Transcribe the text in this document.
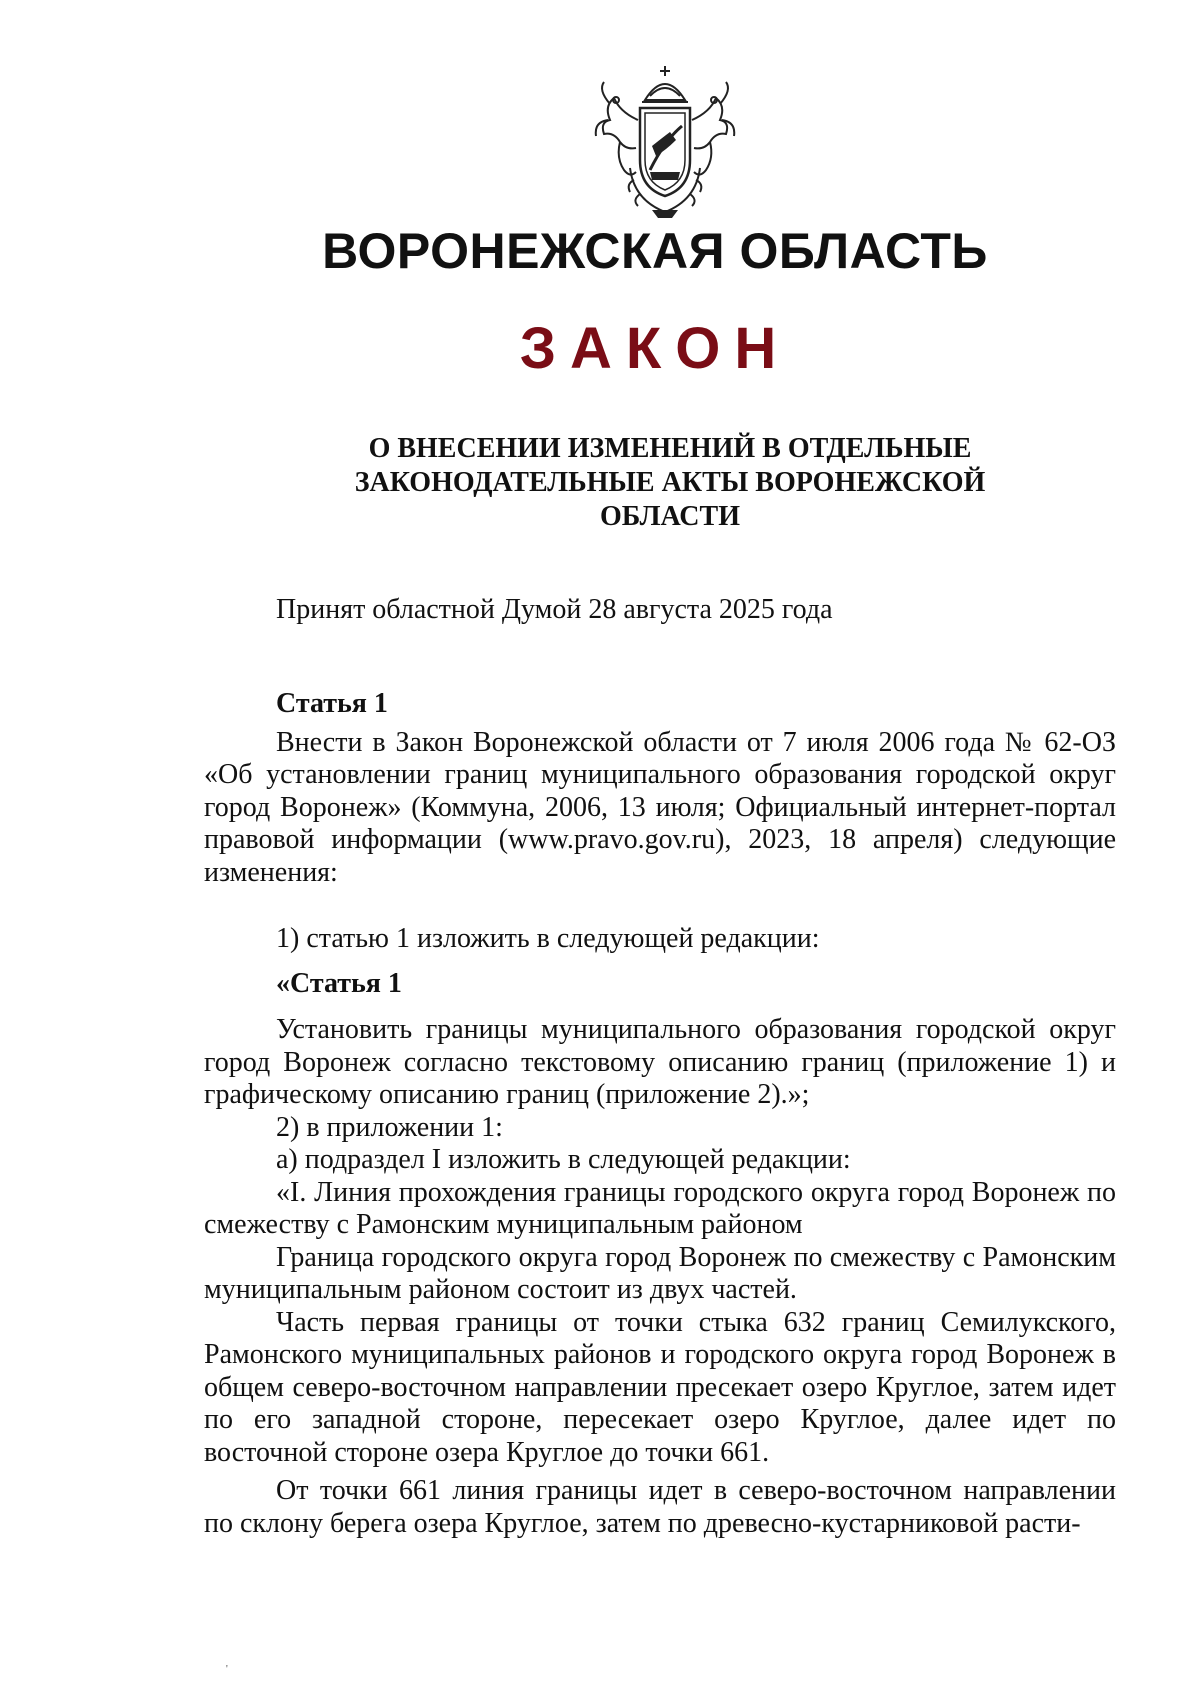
ВОРОНЕЖСКАЯ ОБЛАСТЬ
ЗАКОН
О ВНЕСЕНИИ ИЗМЕНЕНИЙ В ОТДЕЛЬНЫЕ
ЗАКОНОДАТЕЛЬНЫЕ АКТЫ ВОРОНЕЖСКОЙ
ОБЛАСТИ
Принят областной Думой 28 августа 2025 года

Статья 1

Внести в Закон Воронежской области от 7 июля 2006 года № 62-ОЗ «Об установлении границ муниципального образования городской округ город Воронеж» (Коммуна, 2006, 13 июля; Официальный интернет-портал правовой информации (www.pravo.gov.ru), 2023, 18 апреля) следующие изменения:

1) статью 1 изложить в следующей редакции:

«Статья 1

Установить границы муниципального образования городской округ город Воронеж согласно текстовому описанию границ (приложение 1) и графическому описанию границ (приложение 2).»;

2) в приложении 1:

а) подраздел I изложить в следующей редакции:

«I. Линия прохождения границы городского округа город Воронеж по смежеству с Рамонским муниципальным районом

Граница городского округа город Воронеж по смежеству с Рамонским муниципальным районом состоит из двух частей.

Часть первая границы от точки стыка 632 границ Семилукского, Рамонского муниципальных районов и городского округа город Воронеж в общем северо-восточном направлении пресекает озеро Круглое, затем идет по его западной стороне, пересекает озеро Круглое, далее идет по восточной стороне озера Круглое до точки 661.

От точки 661 линия границы идет в северо-восточном направлении по склону берега озера Круглое, затем по древесно-кустарниковой расти-

'
